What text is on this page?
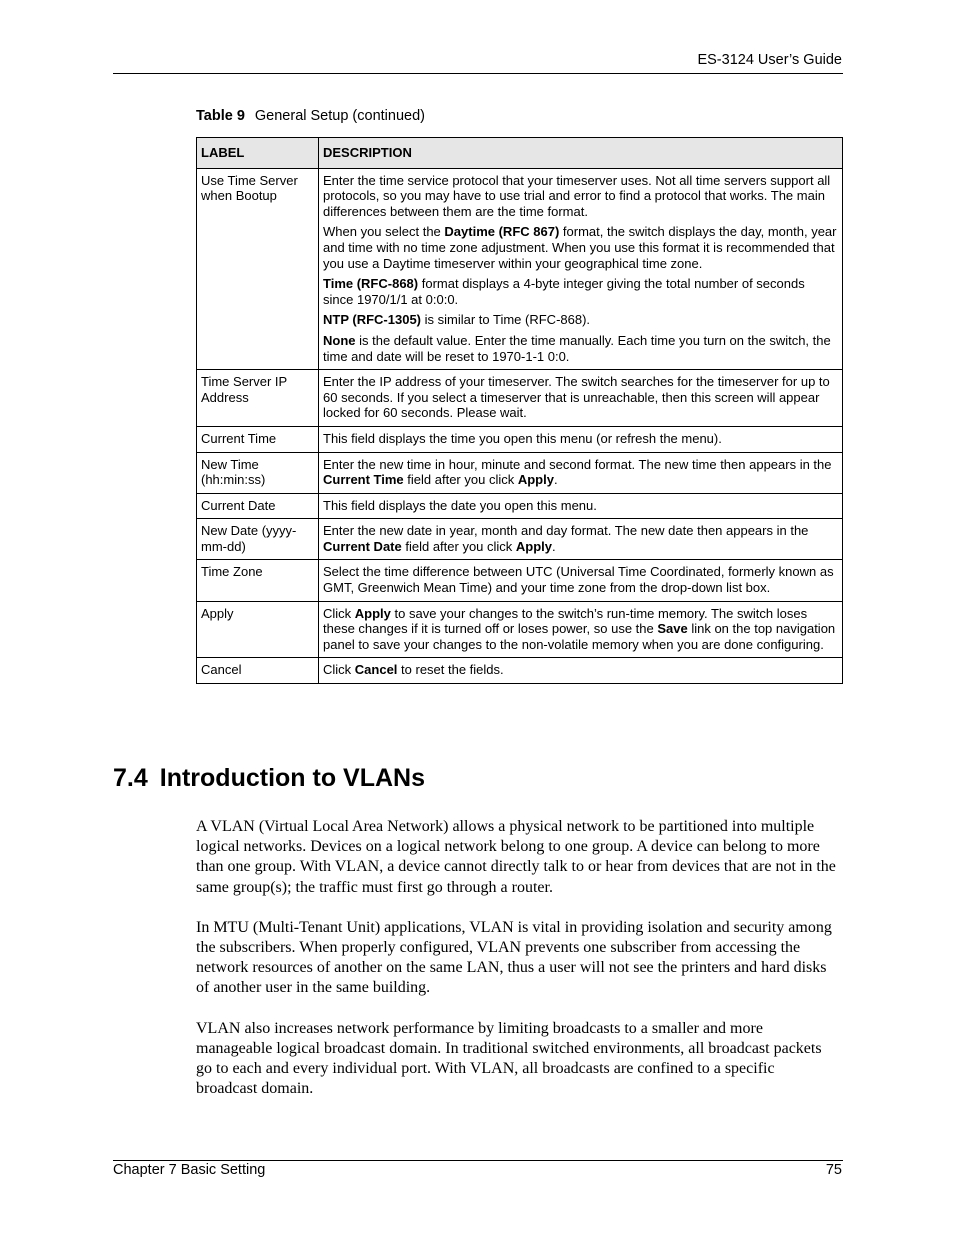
ES-3124 User’s Guide
Table 9 General Setup (continued)
LABEL	DESCRIPTION
Use Time Server when Bootup	Enter the time service protocol that your timeserver uses. Not all time servers support all protocols, so you may have to use trial and error to find a protocol that works. The main differences between them are the time format.

When you select the Daytime (RFC 867) format, the switch displays the day, month, year and time with no time zone adjustment. When you use this format it is recommended that you use a Daytime timeserver within your geographical time zone.

Time (RFC-868) format displays a 4-byte integer giving the total number of seconds since 1970/1/1 at 0:0:0.

NTP (RFC-1305) is similar to Time (RFC-868).

None is the default value. Enter the time manually. Each time you turn on the switch, the time and date will be reset to 1970-1-1 0:0.

Time Server IP Address	Enter the IP address of your timeserver. The switch searches for the timeserver for up to 60 seconds. If you select a timeserver that is unreachable, then this screen will appear locked for 60 seconds. Please wait.

Current Time	This field displays the time you open this menu (or refresh the menu).

New Time (hh:min:ss)	Enter the new time in hour, minute and second format. The new time then appears in the Current Time field after you click Apply.

Current Date	This field displays the date you open this menu.

New Date (yyyy-mm-dd)	Enter the new date in year, month and day format. The new date then appears in the Current Date field after you click Apply.

Time Zone	Select the time difference between UTC (Universal Time Coordinated, formerly known as GMT, Greenwich Mean Time) and your time zone from the drop-down list box.

Apply	Click Apply to save your changes to the switch’s run-time memory. The switch loses these changes if it is turned off or loses power, so use the Save link on the top navigation panel to save your changes to the non-volatile memory when you are done configuring.

Cancel	Click Cancel to reset the fields.

7.4 Introduction to VLANs

A VLAN (Virtual Local Area Network) allows a physical network to be partitioned into multiple logical networks. Devices on a logical network belong to one group. A device can belong to more than one group. With VLAN, a device cannot directly talk to or hear from devices that are not in the same group(s); the traffic must first go through a router.

In MTU (Multi-Tenant Unit) applications, VLAN is vital in providing isolation and security among the subscribers. When properly configured, VLAN prevents one subscriber from accessing the network resources of another on the same LAN, thus a user will not see the printers and hard disks of another user in the same building.

VLAN also increases network performance by limiting broadcasts to a smaller and more manageable logical broadcast domain. In traditional switched environments, all broadcast packets go to each and every individual port. With VLAN, all broadcasts are confined to a specific broadcast domain.

Chapter 7 Basic Setting	75
